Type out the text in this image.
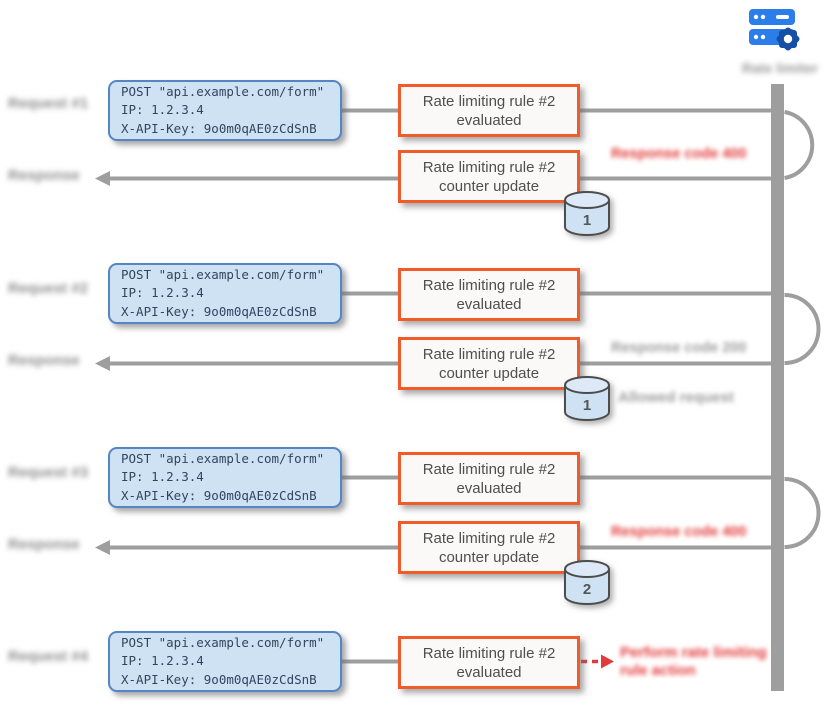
Rate limiter
Request #1
Response
POST "api.example.com/form"
IP: 1.2.3.4
X-API-Key: 9o0m0qAE0zCdSnB
Rate limiting rule #2 evaluated
Rate limiting rule #2 counter update
1
Response code 400
Request #2
Response
POST "api.example.com/form"
IP: 1.2.3.4
X-API-Key: 9o0m0qAE0zCdSnB
Rate limiting rule #2 evaluated
Rate limiting rule #2 counter update
1
Response code 200
Allowed request
Request #3
Response
POST "api.example.com/form"
IP: 1.2.3.4
X-API-Key: 9o0m0qAE0zCdSnB
Rate limiting rule #2 evaluated
Rate limiting rule #2 counter update
2
Response code 400
Request #4
POST "api.example.com/form"
IP: 1.2.3.4
X-API-Key: 9o0m0qAE0zCdSnB
Rate limiting rule #2 evaluated
Perform rate limiting rule action
